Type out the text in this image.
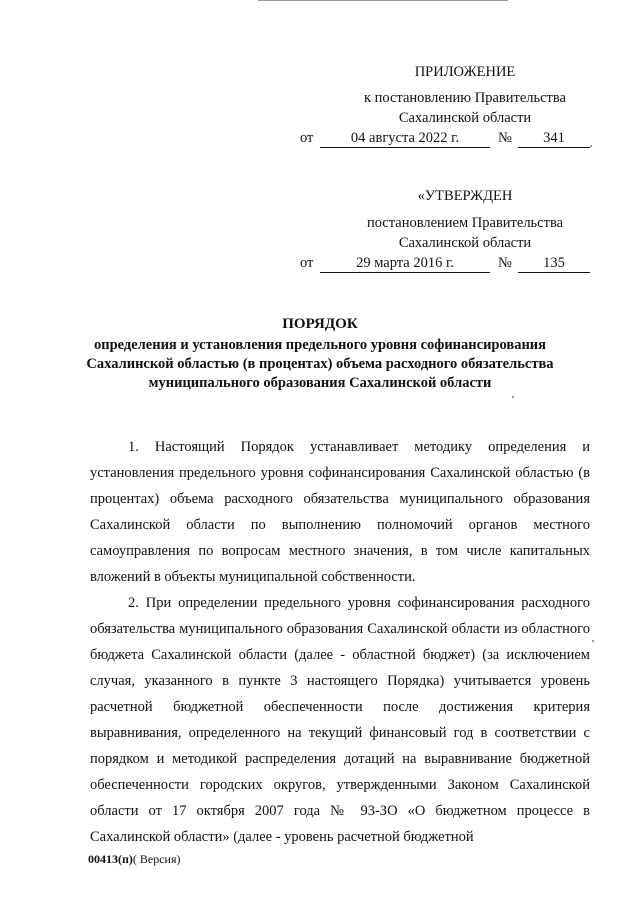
ПРИЛОЖЕНИЕ
к постановлению Правительства
Сахалинской области
от	04 августа 2022 г.	№	341
«УТВЕРЖДЕН
постановлением Правительства
Сахалинской области
от	29 марта 2016 г.	№	135
ПОРЯДОК
определения и установления предельного уровня софинансирования
Сахалинской областью (в процентах) объема расходного обязательства
муниципального образования Сахалинской области

1. Настоящий Порядок устанавливает методику определения и установления предельного уровня софинансирования Сахалинской областью (в процентах) объема расходного обязательства муниципального образования Сахалинской области по выполнению полномочий органов местного самоуправления по вопросам местного значения, в том числе капитальных вложений в объекты муниципальной собственности.

2. При определении предельного уровня софинансирования расходного обязательства муниципального образования Сахалинской области из областного бюджета Сахалинской области (далее - областной бюджет) (за исключением случая, указанного в пункте 3 настоящего Порядка) учитывается уровень расчетной бюджетной обеспеченности после достижения критерия выравнивания, определенного на текущий финансовый год в соответствии с порядком и методикой распределения дотаций на выравнивание бюджетной обеспеченности городских округов, утвержденными Законом Сахалинской области от 17 октября 2007 года № 93-ЗО «О бюджетном процессе в Сахалинской области» (далее - уровень расчетной бюджетной

00413(п)( Версия)
